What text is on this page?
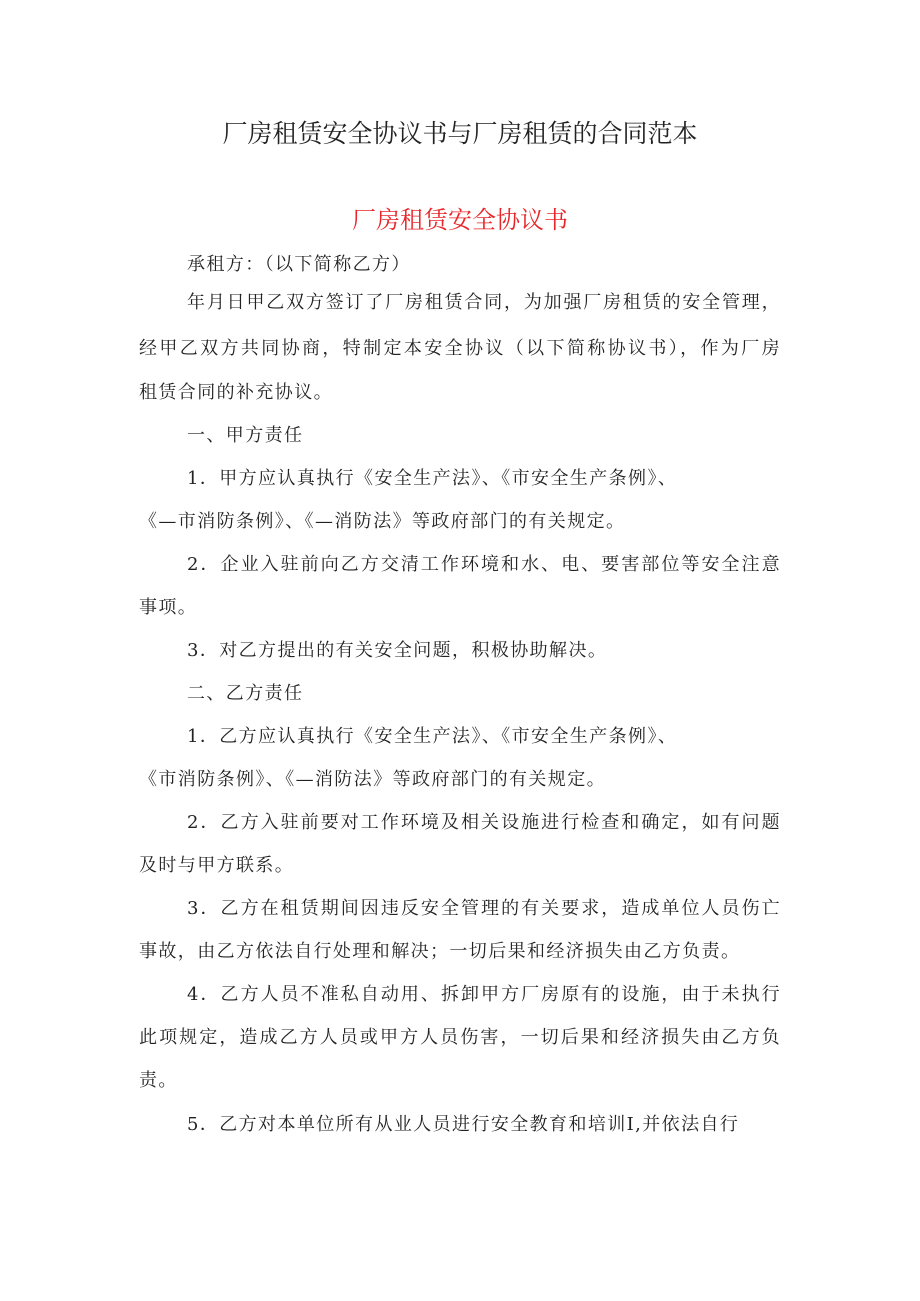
厂房租赁安全协议书与厂房租赁的合同范本
厂房租赁安全协议书
承租方：（以下简称乙方）
年月日甲乙双方签订了厂房租赁合同，为加强厂房租赁的安全管理，
经甲乙双方共同协商，特制定本安全协议（以下简称协议书），作为厂房
租赁合同的补充协议。
一、甲方责任
1．甲方应认真执行《安全生产法》、《市安全生产条例》、
《—市消防条例》、《—消防法》等政府部门的有关规定。
2．企业入驻前向乙方交清工作环境和水、电、要害部位等安全注意
事项。
3．对乙方提出的有关安全问题，积极协助解决。
二、乙方责任
1．乙方应认真执行《安全生产法》、《市安全生产条例》、
《市消防条例》、《—消防法》等政府部门的有关规定。
2．乙方入驻前要对工作环境及相关设施进行检查和确定，如有问题
及时与甲方联系。
3．乙方在租赁期间因违反安全管理的有关要求，造成单位人员伤亡
事故，由乙方依法自行处理和解决；一切后果和经济损失由乙方负责。
4．乙方人员不准私自动用、拆卸甲方厂房原有的设施，由于未执行
此项规定，造成乙方人员或甲方人员伤害，一切后果和经济损失由乙方负
责。
5．乙方对本单位所有从业人员进行安全教育和培训I,并依法自行
